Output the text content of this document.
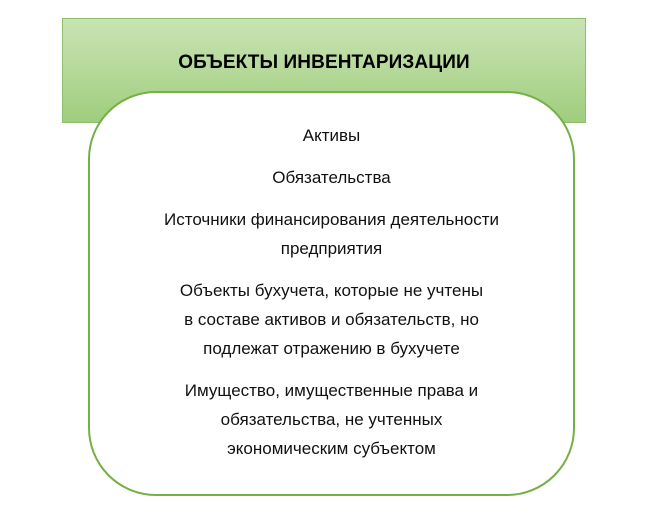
ОБЪЕКТЫ ИНВЕНТАРИЗАЦИИ
Активы
Обязательства
Источники финансирования деятельности
предприятия
Объекты бухучета, которые не учтены
в составе активов и обязательств, но
подлежат отражению в бухучете
Имущество, имущественные права и
обязательства, не учтенных
экономическим субъектом
